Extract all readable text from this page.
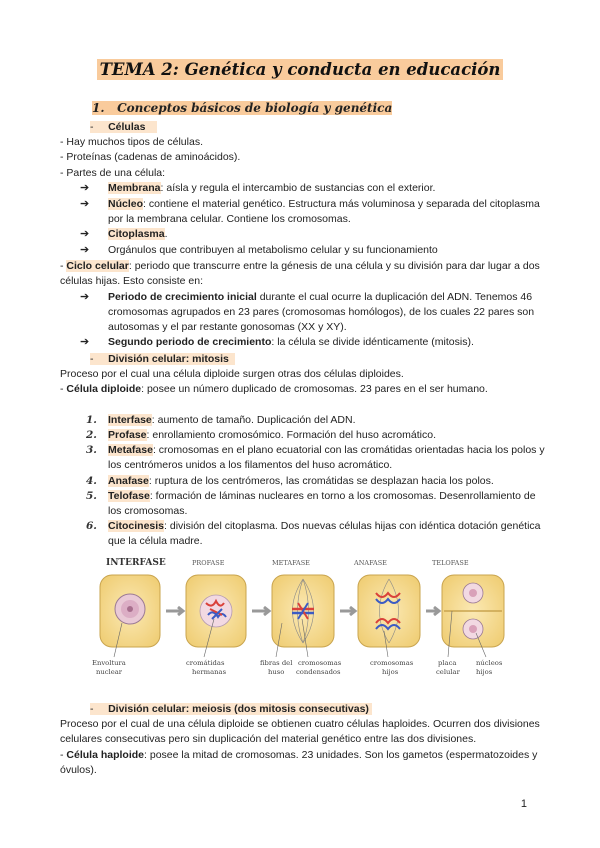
TEMA 2: Genética y conducta en educación
1. Conceptos básicos de biología y genética
- Células
- Hay muchos tipos de células.
- Proteínas (cadenas de aminoácidos).
- Partes de una célula:
➔	Membrana: aísla y regula el intercambio de sustancias con el exterior.
➔	Núcleo: contiene el material genético. Estructura más voluminosa y separada del citoplasma por la membrana celular. Contiene los cromosomas.
➔	Citoplasma.
➔	Orgánulos que contribuyen al metabolismo celular y su funcionamiento
- Ciclo celular: periodo que transcurre entre la génesis de una célula y su división para dar lugar a dos células hijas. Esto consiste en:
➔	Periodo de crecimiento inicial durante el cual ocurre la duplicación del ADN. Tenemos 46 cromosomas agrupados en 23 pares (cromosomas homólogos), de los cuales 22 pares son autosomas y el par restante gonosomas (XX y XY).
➔	Segundo periodo de crecimiento: la célula se divide idénticamente (mitosis).
- División celular: mitosis
Proceso por el cual una célula diploide surgen otras dos células diploides.
- Célula diploide: posee un número duplicado de cromosomas. 23 pares en el ser humano.
1.	Interfase: aumento de tamaño. Duplicación del ADN.
2.	Profase: enrollamiento cromosómico. Formación del huso acromático.
3.	Metafase: cromosomas en el plano ecuatorial con las cromátidas orientadas hacia los polos y los centrómeros unidos a los filamentos del huso acromático.
4.	Anafase: ruptura de los centrómeros, las cromátidas se desplazan hacia los polos.
5.	Telofase: formación de láminas nucleares en torno a los cromosomas. Desenrollamiento de los cromosomas.
6.	Citocinesis: división del citoplasma. Dos nuevas células hijas con idéntica dotación genética que la célula madre.
INTERFASE	PROFASE	METAFASE	ANAFASE	TELOFASE
Envoltura nuclear
cromátidas hermanas
fibras del huso
cromosomas condensados
cromosomas hijos
placa celular
núcleos hijos
- División celular: meiosis (dos mitosis consecutivas)
Proceso por el cual de una célula diploide se obtienen cuatro células haploides. Ocurren dos divisiones celulares consecutivas pero sin duplicación del material genético entre las dos divisiones.
- Célula haploide: posee la mitad de cromosomas. 23 unidades. Son los gametos (espermatozoides y óvulos).
1
